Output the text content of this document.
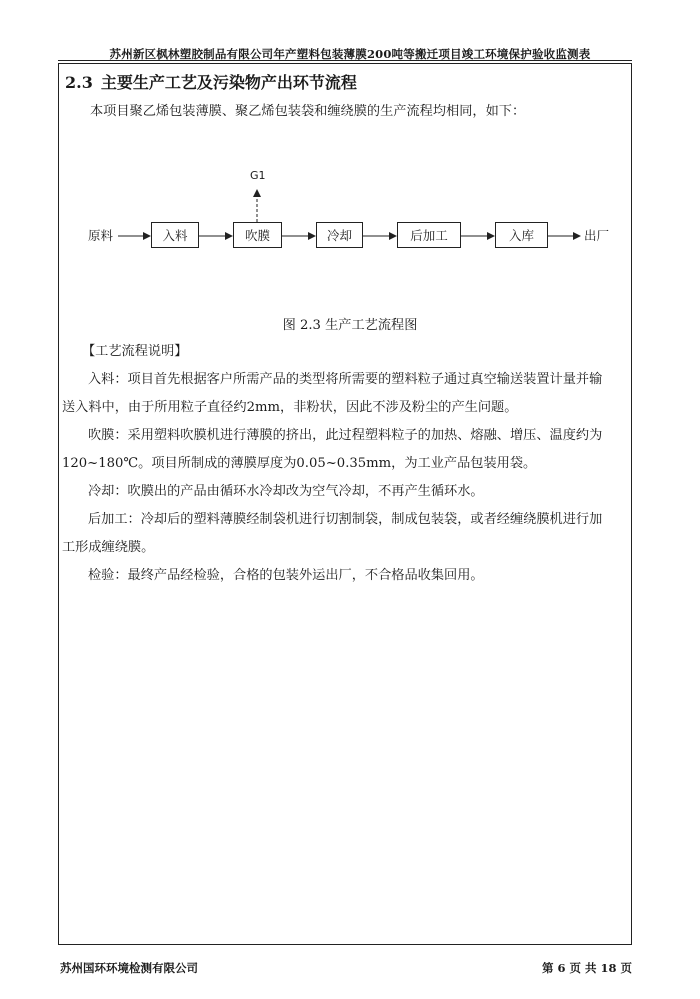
苏州新区枫林塑胶制品有限公司年产塑料包装薄膜200吨等搬迁项目竣工环境保护验收监测表
2.3 主要生产工艺及污染物产出环节流程
本项目聚乙烯包装薄膜、聚乙烯包装袋和缠绕膜的生产流程均相同，如下：
原料	入料	吹膜	冷却	后加工	入库	出厂
G1
图 2.3 生产工艺流程图
【工艺流程说明】
入料：项目首先根据客户所需产品的类型将所需要的塑料粒子通过真空输送装置计量并输
送入料中，由于所用粒子直径约2mm，非粉状，因此不涉及粉尘的产生问题。
吹膜：采用塑料吹膜机进行薄膜的挤出，此过程塑料粒子的加热、熔融、增压、温度约为
120~180℃。项目所制成的薄膜厚度为0.05~0.35mm，为工业产品包装用袋。
冷却：吹膜出的产品由循环水冷却改为空气冷却，不再产生循环水。
后加工：冷却后的塑料薄膜经制袋机进行切割制袋，制成包装袋，或者经缠绕膜机进行加
工形成缠绕膜。
检验：最终产品经检验，合格的包装外运出厂，不合格品收集回用。
苏州国环环境检测有限公司	第 6 页 共 18 页
